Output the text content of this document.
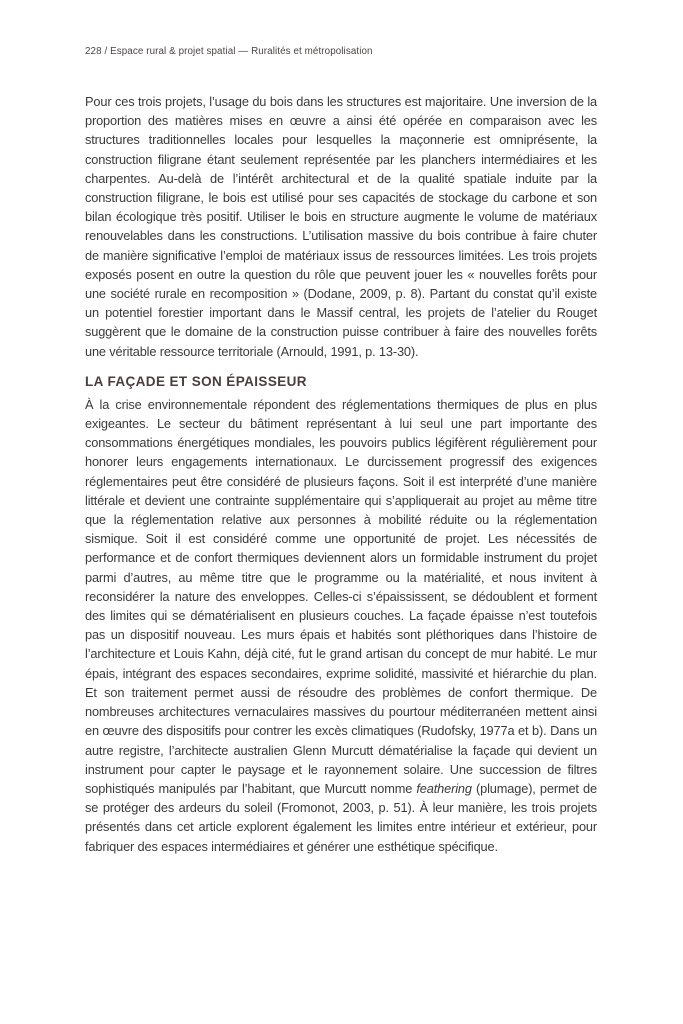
228 / Espace rural & projet spatial — Ruralités et métropolisation

Pour ces trois projets, l’usage du bois dans les structures est majoritaire. Une inversion de la proportion des matières mises en œuvre a ainsi été opérée en comparaison avec les structures traditionnelles locales pour lesquelles la maçonnerie est omniprésente, la construction filigrane étant seulement représentée par les planchers intermédiaires et les charpentes. Au-delà de l’intérêt architectural et de la qualité spatiale induite par la construction filigrane, le bois est utilisé pour ses capacités de stockage du carbone et son bilan écologique très positif. Utiliser le bois en structure augmente le volume de matériaux renouvelables dans les constructions. L’utilisation massive du bois contribue à faire chuter de manière significative l’emploi de matériaux issus de ressources limitées. Les trois projets exposés posent en outre la question du rôle que peuvent jouer les « nouvelles forêts pour une société rurale en recomposition » (Dodane, 2009, p. 8). Partant du constat qu’il existe un potentiel forestier important dans le Massif central, les projets de l’atelier du Rouget suggèrent que le domaine de la construction puisse contribuer à faire des nouvelles forêts une véritable ressource territoriale (Arnould, 1991, p. 13-30).

LA FAÇADE ET SON ÉPAISSEUR

À la crise environnementale répondent des réglementations thermiques de plus en plus exigeantes. Le secteur du bâtiment représentant à lui seul une part importante des consommations énergétiques mondiales, les pouvoirs publics légifèrent régulièrement pour honorer leurs engagements internationaux. Le durcissement progressif des exigences réglementaires peut être considéré de plusieurs façons. Soit il est interprété d’une manière littérale et devient une contrainte supplémentaire qui s’appliquerait au projet au même titre que la réglementation relative aux personnes à mobilité réduite ou la réglementation sismique. Soit il est considéré comme une opportunité de projet. Les nécessités de performance et de confort thermiques deviennent alors un formidable instrument du projet parmi d’autres, au même titre que le programme ou la matérialité, et nous invitent à reconsidérer la nature des enveloppes. Celles-ci s’épaississent, se dédoublent et forment des limites qui se dématérialisent en plusieurs couches. La façade épaisse n’est toutefois pas un dispositif nouveau. Les murs épais et habités sont pléthoriques dans l’histoire de l’architecture et Louis Kahn, déjà cité, fut le grand artisan du concept de mur habité. Le mur épais, intégrant des espaces secondaires, exprime solidité, massivité et hiérarchie du plan. Et son traitement permet aussi de résoudre des problèmes de confort thermique. De nombreuses architectures vernaculaires massives du pourtour méditerranéen mettent ainsi en œuvre des dispositifs pour contrer les excès climatiques (Rudofsky, 1977a et b). Dans un autre registre, l’architecte australien Glenn Murcutt dématérialise la façade qui devient un instrument pour capter le paysage et le rayonnement solaire. Une succession de filtres sophistiqués manipulés par l’habitant, que Murcutt nomme feathering (plumage), permet de se protéger des ardeurs du soleil (Fromonot, 2003, p. 51). À leur manière, les trois projets présentés dans cet article explorent également les limites entre intérieur et extérieur, pour fabriquer des espaces intermédiaires et générer une esthétique spécifique.
